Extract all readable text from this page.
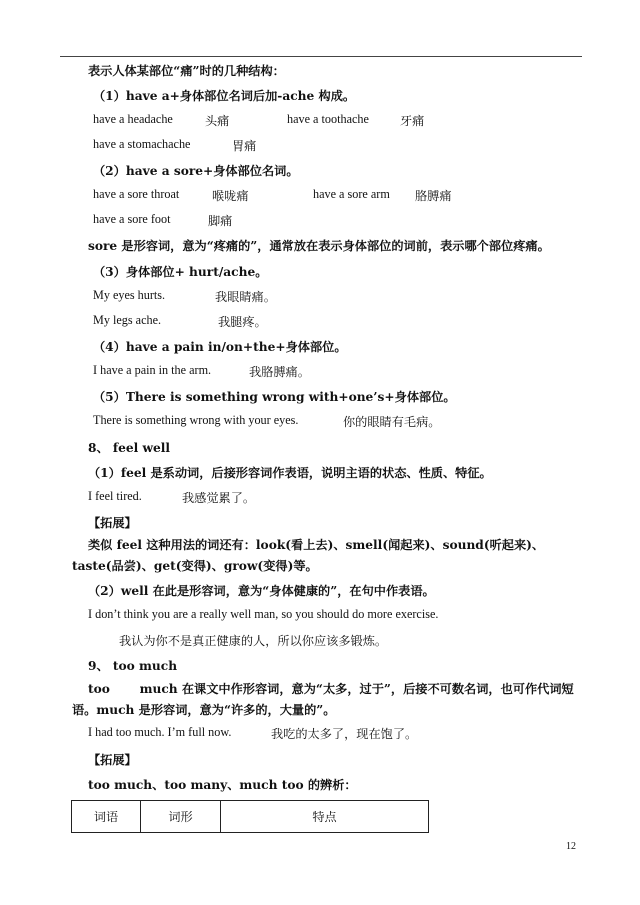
表示人体某部位“痛”时的几种结构：
（1）have a+身体部位名词后加-ache 构成。
have a headache	头痛	have a toothache	牙痛
have a stomachache	胃痛
（2）have a sore+身体部位名词。
have a sore throat	喉咙痛	have a sore arm 胳膊痛
have a sore foot	脚痛
sore 是形容词，意为“疼痛的”，通常放在表示身体部位的词前，表示哪个部位疼痛。
（3）身体部位+ hurt/ache。
My eyes hurts.	我眼睛痛。
My legs ache.	我腿疼。
（4）have a pain in/on+the+身体部位。
I have a pain in the arm.	我胳膊痛。
（5）There is something wrong with+one’s+身体部位。
There is something wrong with your eyes.	你的眼睛有毛病。
8、 feel well
（1）feel 是系动词，后接形容词作表语，说明主语的状态、性质、特征。
I feel tired.	我感觉累了。
【拓展】
类似 feel 这种用法的词还有：look(看上去)、smell(闻起来)、sound(听起来)、taste(品尝)、get(变得)、grow(变得)等。
（2）well 在此是形容词，意为“身体健康的”，在句中作表语。
I don’t think you are a really well man, so you should do more exercise.
我认为你不是真正健康的人，所以你应该多锻炼。
9、 too much
too       much 在课文中作形容词，意为“太多，过于”，后接不可数名词，也可作代词短语。much 是形容词，意为“许多的，大量的”。
I had too much. I’m full now.	我吃的太多了，现在饱了。
【拓展】
too much、too many、much too 的辨析：
词语	词形	特点
12
